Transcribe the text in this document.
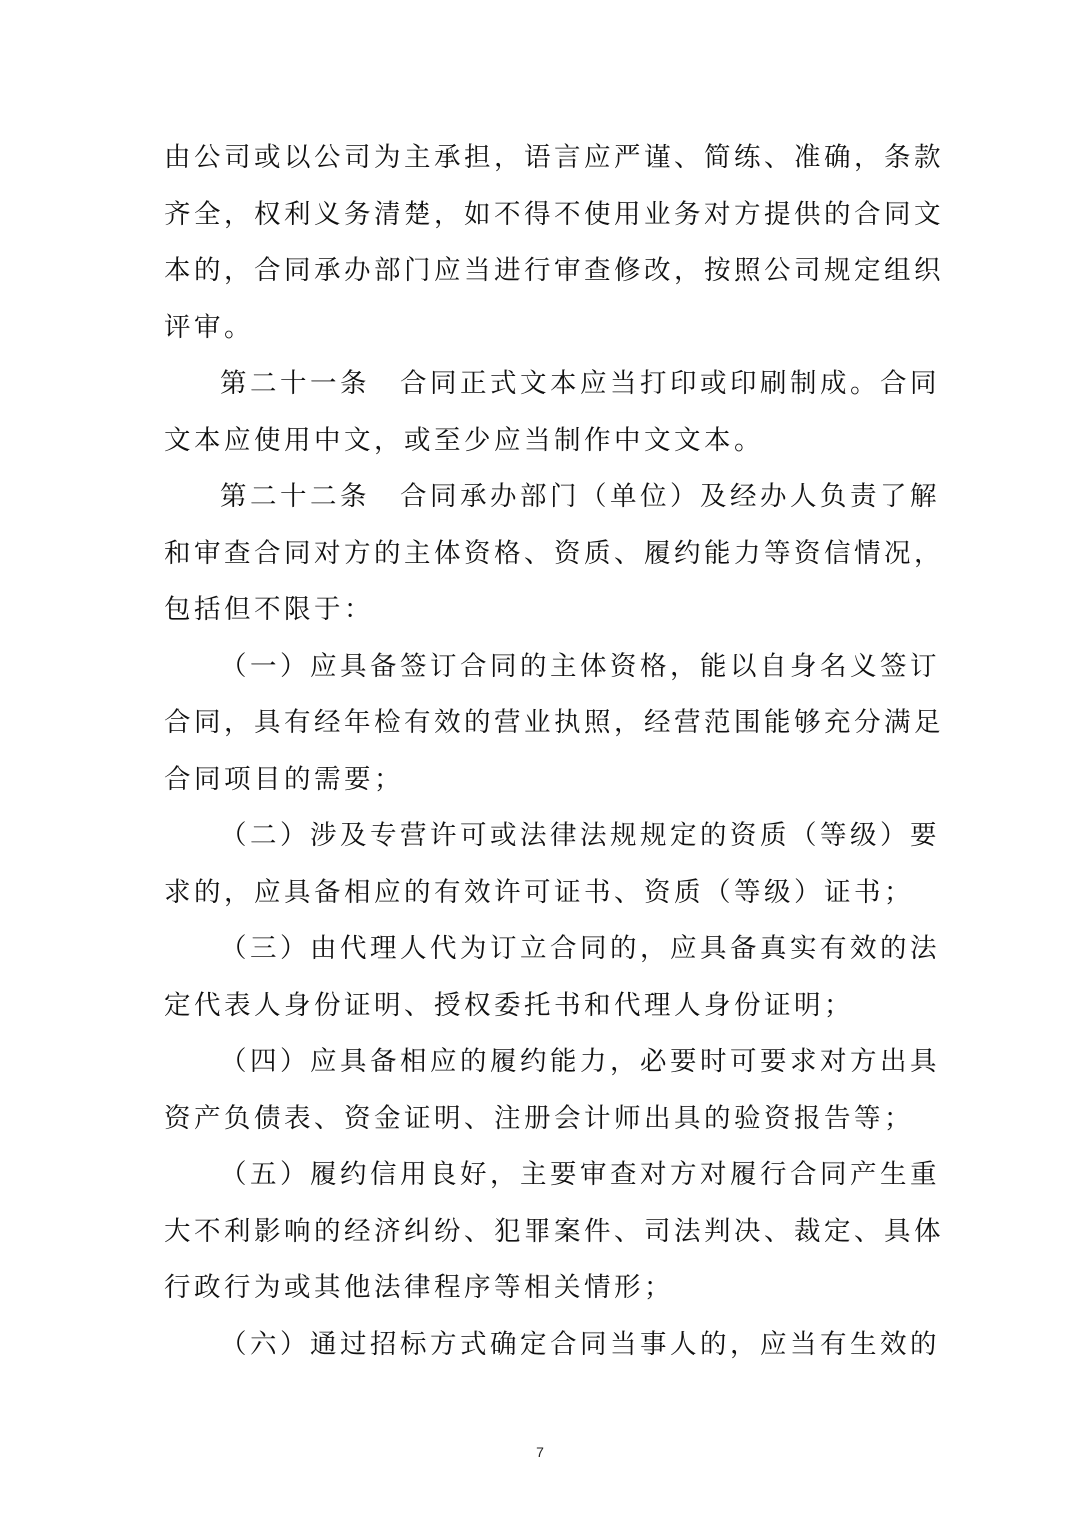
由公司或以公司为主承担，语言应严谨、简练、准确，条款
齐全，权利义务清楚，如不得不使用业务对方提供的合同文
本的，合同承办部门应当进行审查修改，按照公司规定组织
评审。
第二十一条　合同正式文本应当打印或印刷制成。合同
文本应使用中文，或至少应当制作中文文本。
第二十二条　合同承办部门（单位）及经办人负责了解
和审查合同对方的主体资格、资质、履约能力等资信情况，
包括但不限于：
（一）应具备签订合同的主体资格，能以自身名义签订
合同，具有经年检有效的营业执照，经营范围能够充分满足
合同项目的需要；
（二）涉及专营许可或法律法规规定的资质（等级）要
求的，应具备相应的有效许可证书、资质（等级）证书；
（三）由代理人代为订立合同的，应具备真实有效的法
定代表人身份证明、授权委托书和代理人身份证明；
（四）应具备相应的履约能力，必要时可要求对方出具
资产负债表、资金证明、注册会计师出具的验资报告等；
（五）履约信用良好，主要审查对方对履行合同产生重
大不利影响的经济纠纷、犯罪案件、司法判决、裁定、具体
行政行为或其他法律程序等相关情形；
（六）通过招标方式确定合同当事人的，应当有生效的
7
